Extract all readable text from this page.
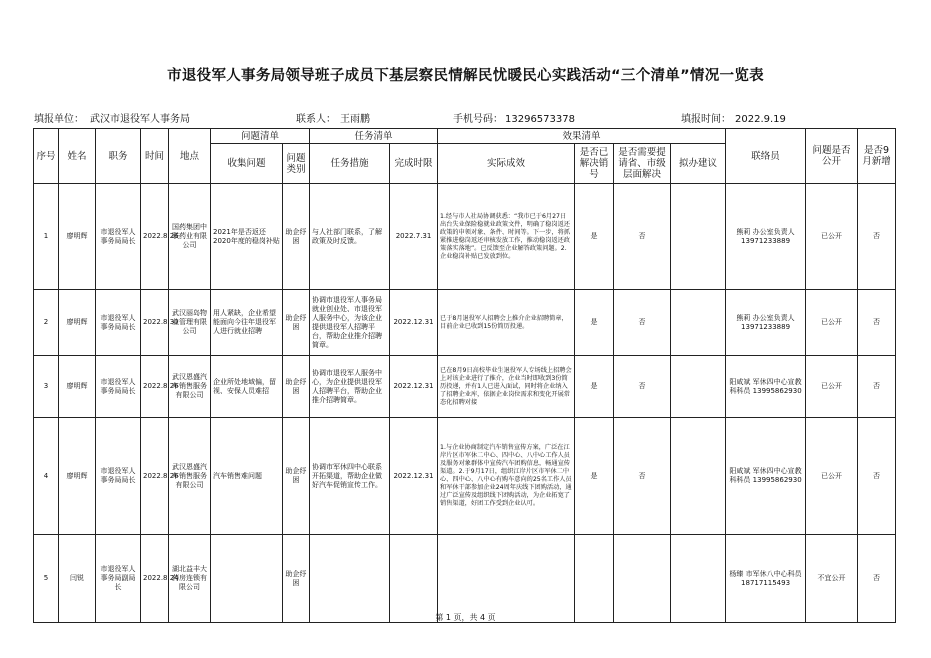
市退役军人事务局领导班子成员下基层察民情解民忧暖民心实践活动“三个清单”情况一览表
填报单位： 武汉市退役军人事务局	联系人： 王雨鹏	手机号码： 13296573378	填报时间： 2022.9.19
序号	姓名	职务	时间	地点	问题清单		任务清单		效果清单				联络员	问题是否公开	是否9月新增
					收集问题	问题类别	任务措施	完成时限	实际成效	是否已解决销号	是否需要提请省、市级层面解决	拟办建议			
1	廖明辉	市退役军人事务局局长	2022.8.26	国药集团中联药业有限公司	2021年是否返还2020年度的稳岗补贴	助企纾困	与人社部门联系，了解政策及时反馈。	2022.7.31	1.经与市人社局协调获悉：“我市已于6月27日出台失业保险稳就业政策文件，明确了稳岗返还政策的申领对象、条件、时间等。下一步，将抓紧推进稳岗返还审核发放工作，推动稳岗返还政策落实落地”。已反馈至企业解答政策问题。2.企业稳岗补贴已发放到位。	是	否		熊莉 办公室负责人 13971233889	已公开	否
2	廖明辉	市退役军人事务局局长	2022.8.30	武汉丽岛物业管理有限公司	用人紧缺，企业希望能面向今往年退役军人进行就业招聘	助企纾困	协调市退役军人事务局就业创业处、市退役军人服务中心，为该企业提供退役军人招聘平台，帮助企业推介招聘简章。	2022.12.31	已于8月退役军人招聘会上推介企业招聘简章，目前企业已收到15份简历投递。	是	否		熊莉 办公室负责人 13971233889	已公开	否
3	廖明辉	市退役军人事务局局长	2022.8.26	武汉恩盛汽车销售服务有限公司	企业所处地域偏，留视、安保人员难招	助企纾困	协调市退役军人服务中心，为企业提供退役军人招聘平台，帮助企业推介招聘简章。	2022.12.31	已在8月9日高校毕业生退役军人专场线上招聘会上对该企业进行了推介，企业当时即收到3份简历投递，并有1人已进入面试，同时将企业纳入了招聘企业库，依据企业岗位需求和变化开展常态化招聘对接	是	否		阳咸斌 军休四中心宣教科科员 13995862930	已公开	否
4	廖明辉	市退役军人事务局局长	2022.8.26	武汉恩盛汽车销售服务有限公司	汽车销售难问题	助企纾困	协调市军休四中心联系开拓渠道，帮助企业做好汽车促销宣传工作。	2022.12.31	1.与企业协商制定汽车销售宣传方案，广泛在江岸片区市军休二中心、四中心、八中心工作人员及服务对象群体中宣传汽车团购信息，畅通宣传渠道。2.于9月17日，组织江岸片区市军休二中心、四中心、八中心有购车意向的25名工作人员和军休干部参加企业24周年庆线下团购活动，通过广泛宣传及组织线下团购活动，为企业拓宽了销售渠道，好团工作受到企业认可。	是	否		阳咸斌 军休四中心宣教科科员 13995862930	已公开	否
5	闫锐	市退役军人事务局副局长	2022.8.24	湖北益丰大药房连锁有限公司		助企纾困							杨臻 市军休八中心科员 18717115493	不宜公开	否
第 1 页，共 4 页
